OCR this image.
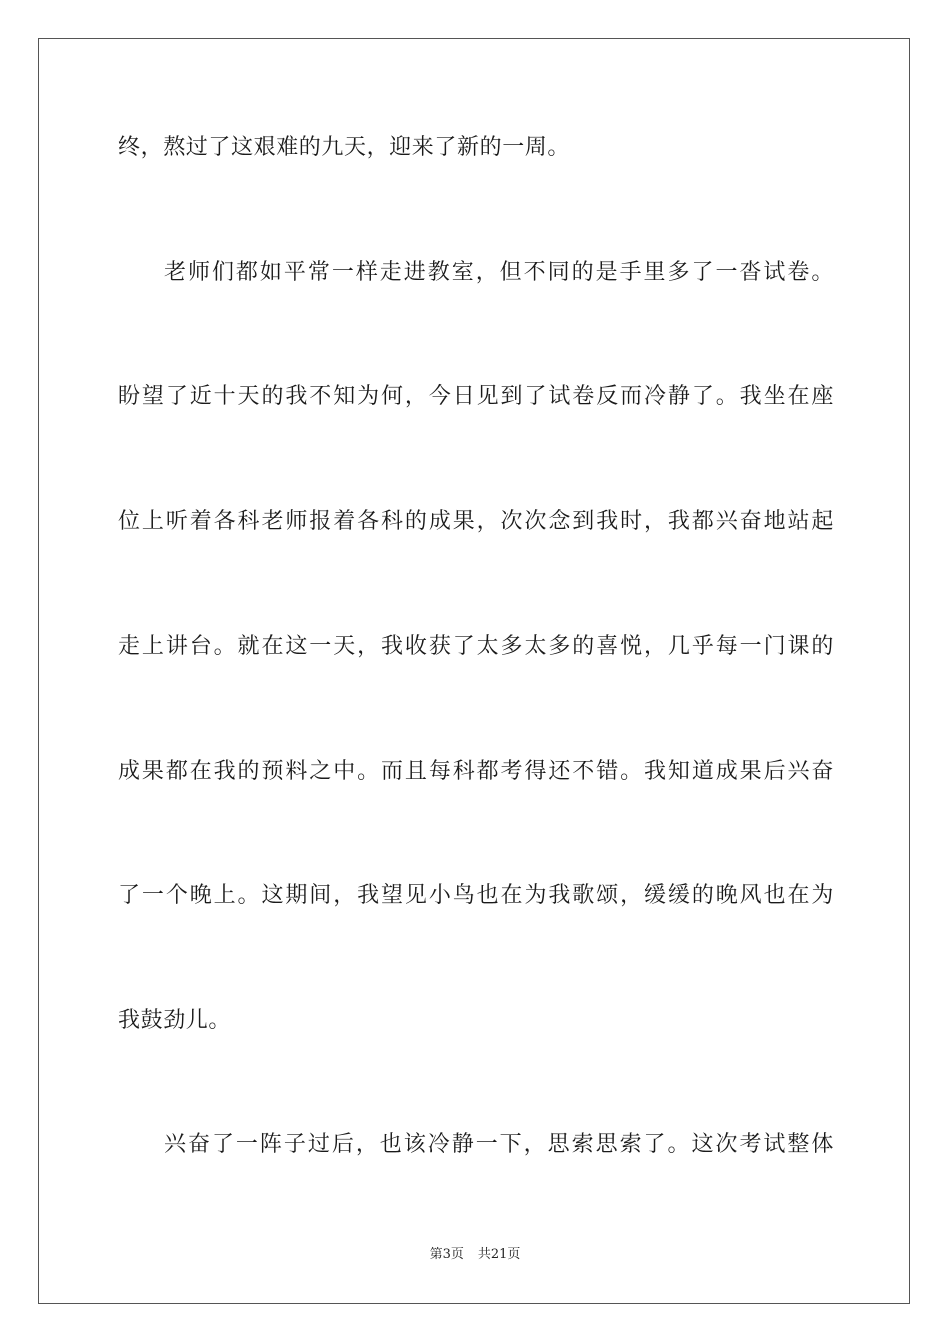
终，熬过了这艰难的九天，迎来了新的一周。
老师们都如平常一样走进教室，但不同的是手里多了一沓试卷。
盼望了近十天的我不知为何，今日见到了试卷反而冷静了。我坐在座
位上听着各科老师报着各科的成果，次次念到我时，我都兴奋地站起
走上讲台。就在这一天，我收获了太多太多的喜悦，几乎每一门课的
成果都在我的预料之中。而且每科都考得还不错。我知道成果后兴奋
了一个晚上。这期间，我望见小鸟也在为我歌颂，缓缓的晚风也在为
我鼓劲儿。
兴奋了一阵子过后，也该冷静一下，思索思索了。这次考试整体
第3页 共21页
